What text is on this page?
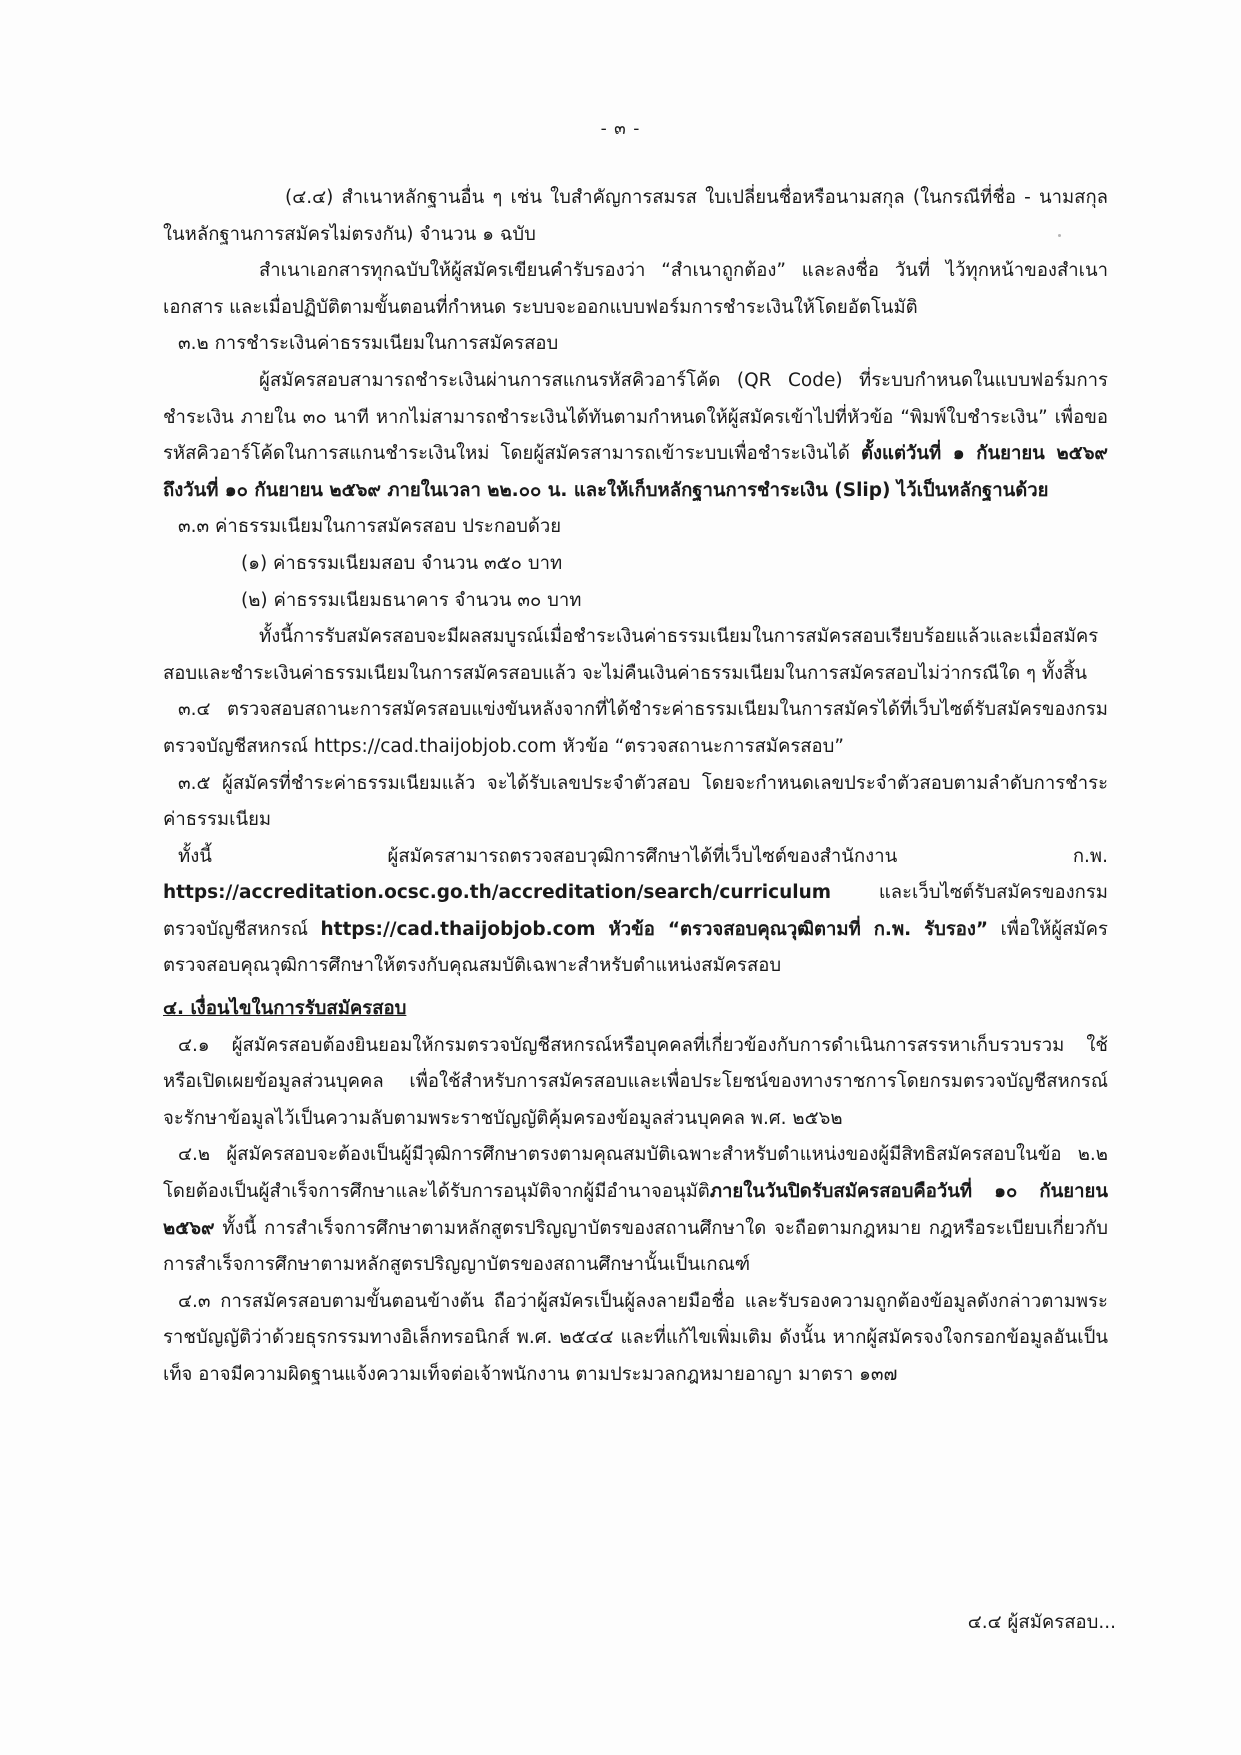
- ๓ -

(๔.๔) สำเนาหลักฐานอื่น ๆ เช่น ใบสำคัญการสมรส ใบเปลี่ยนชื่อหรือนามสกุล (ในกรณีที่ชื่อ - นามสกุล ในหลักฐานการสมัครไม่ตรงกัน) จำนวน ๑ ฉบับ

สำเนาเอกสารทุกฉบับให้ผู้สมัครเขียนคำรับรองว่า “สำเนาถูกต้อง” และลงชื่อ วันที่ ไว้ทุกหน้าของสำเนาเอกสาร และเมื่อปฏิบัติตามขั้นตอนที่กำหนด ระบบจะออกแบบฟอร์มการชำระเงินให้โดยอัตโนมัติ

๓.๒ การชำระเงินค่าธรรมเนียมในการสมัครสอบ

ผู้สมัครสอบสามารถชำระเงินผ่านการสแกนรหัสคิวอาร์โค้ด (QR Code) ที่ระบบกำหนดในแบบฟอร์มการชำระเงิน ภายใน ๓๐ นาที หากไม่สามารถชำระเงินได้ทันตามกำหนดให้ผู้สมัครเข้าไปที่หัวข้อ “พิมพ์ใบชำระเงิน” เพื่อขอรหัสคิวอาร์โค้ดในการสแกนชำระเงินใหม่ โดยผู้สมัครสามารถเข้าระบบเพื่อชำระเงินได้ ตั้งแต่วันที่ ๑ กันยายน ๒๕๖๙ ถึงวันที่ ๑๐ กันยายน ๒๕๖๙ ภายในเวลา ๒๒.๐๐ น. และให้เก็บหลักฐานการชำระเงิน (Slip) ไว้เป็นหลักฐานด้วย

๓.๓ ค่าธรรมเนียมในการสมัครสอบ ประกอบด้วย

(๑) ค่าธรรมเนียมสอบ จำนวน ๓๕๐ บาท

(๒) ค่าธรรมเนียมธนาคาร จำนวน ๓๐ บาท

ทั้งนี้การรับสมัครสอบจะมีผลสมบูรณ์เมื่อชำระเงินค่าธรรมเนียมในการสมัครสอบเรียบร้อยแล้วและเมื่อสมัครสอบและชำระเงินค่าธรรมเนียมในการสมัครสอบแล้ว จะไม่คืนเงินค่าธรรมเนียมในการสมัครสอบไม่ว่ากรณีใด ๆ ทั้งสิ้น

๓.๔ ตรวจสอบสถานะการสมัครสอบแข่งขันหลังจากที่ได้ชำระค่าธรรมเนียมในการสมัครได้ที่เว็บไซต์รับสมัครของกรมตรวจบัญชีสหกรณ์ https://cad.thaijobjob.com หัวข้อ “ตรวจสถานะการสมัครสอบ”

๓.๕ ผู้สมัครที่ชำระค่าธรรมเนียมแล้ว จะได้รับเลขประจำตัวสอบ โดยจะกำหนดเลขประจำตัวสอบตามลำดับการชำระค่าธรรมเนียม

ทั้งนี้ ผู้สมัครสามารถตรวจสอบวุฒิการศึกษาได้ที่เว็บไซต์ของสำนักงาน ก.พ. https://accreditation.ocsc.go.th/accreditation/search/curriculum และเว็บไซต์รับสมัครของกรมตรวจบัญชีสหกรณ์ https://cad.thaijobjob.com หัวข้อ “ตรวจสอบคุณวุฒิตามที่ ก.พ. รับรอง” เพื่อให้ผู้สมัครตรวจสอบคุณวุฒิการศึกษาให้ตรงกับคุณสมบัติเฉพาะสำหรับตำแหน่งสมัครสอบ

๔. เงื่อนไขในการรับสมัครสอบ

๔.๑ ผู้สมัครสอบต้องยินยอมให้กรมตรวจบัญชีสหกรณ์หรือบุคคลที่เกี่ยวข้องกับการดำเนินการสรรหาเก็บรวบรวม ใช้หรือเปิดเผยข้อมูลส่วนบุคคล เพื่อใช้สำหรับการสมัครสอบและเพื่อประโยชน์ของทางราชการโดยกรมตรวจบัญชีสหกรณ์จะรักษาข้อมูลไว้เป็นความลับตามพระราชบัญญัติคุ้มครองข้อมูลส่วนบุคคล พ.ศ. ๒๕๖๒

๔.๒ ผู้สมัครสอบจะต้องเป็นผู้มีวุฒิการศึกษาตรงตามคุณสมบัติเฉพาะสำหรับตำแหน่งของผู้มีสิทธิสมัครสอบในข้อ ๒.๒ โดยต้องเป็นผู้สำเร็จการศึกษาและได้รับการอนุมัติจากผู้มีอำนาจอนุมัติภายในวันปิดรับสมัครสอบคือวันที่ ๑๐ กันยายน ๒๕๖๙ ทั้งนี้ การสำเร็จการศึกษาตามหลักสูตรปริญญาบัตรของสถานศึกษาใด จะถือตามกฎหมาย กฎหรือระเบียบเกี่ยวกับการสำเร็จการศึกษาตามหลักสูตรปริญญาบัตรของสถานศึกษานั้นเป็นเกณฑ์

๔.๓ การสมัครสอบตามขั้นตอนข้างต้น ถือว่าผู้สมัครเป็นผู้ลงลายมือชื่อ และรับรองความถูกต้องข้อมูลดังกล่าวตามพระราชบัญญัติว่าด้วยธุรกรรมทางอิเล็กทรอนิกส์ พ.ศ. ๒๕๔๔ และที่แก้ไขเพิ่มเติม ดังนั้น หากผู้สมัครจงใจกรอกข้อมูลอันเป็นเท็จ อาจมีความผิดฐานแจ้งความเท็จต่อเจ้าพนักงาน ตามประมวลกฎหมายอาญา มาตรา ๑๓๗

๔.๔ ผู้สมัครสอบ...
